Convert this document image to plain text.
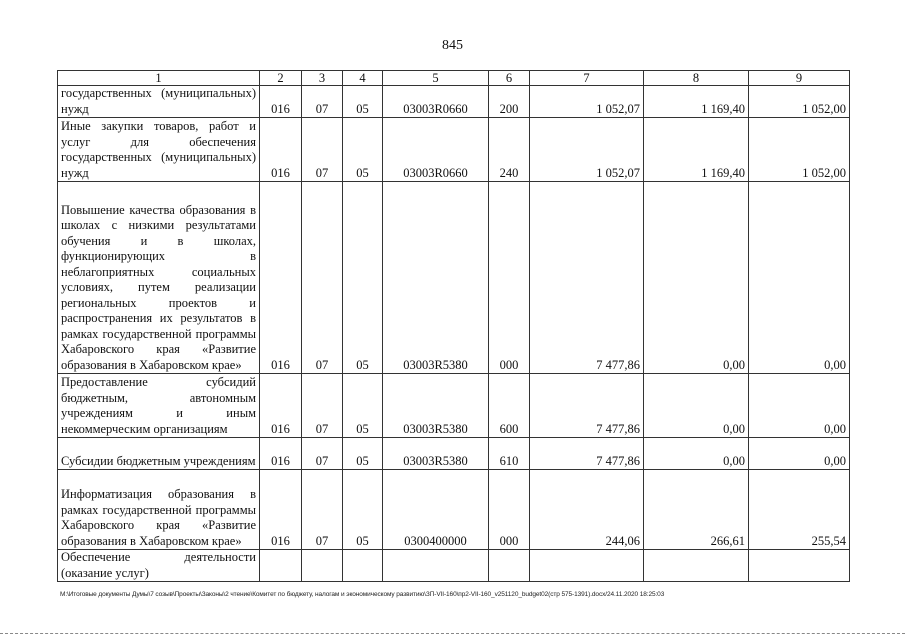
845
1	2	3	4	5	6	7	8	9

государственных (муниципальных) нужд	016	07	05	03003R0660	200	1 052,07	1 169,40	1 052,00

Иные закупки товаров, работ и услуг для обеспечения государственных (муниципальных) нужд	016	07	05	03003R0660	240	1 052,07	1 169,40	1 052,00

Повышение качества образования в школах с низкими результатами обучения и в школах, функционирующих в неблагоприятных социальных условиях, путем реализации региональных проектов и распространения их результатов в рамках государственной программы Хабаровского края «Развитие образования в Хабаровском крае»	016	07	05	03003R5380	000	7 477,86	0,00	0,00

Предоставление субсидий бюджетным, автономным учреждениям и иным некоммерческим организациям	016	07	05	03003R5380	600	7 477,86	0,00	0,00

Субсидии бюджетным учреждениям	016	07	05	03003R5380	610	7 477,86	0,00	0,00

Информатизация образования в рамках государственной программы Хабаровского края «Развитие образования в Хабаровском крае»	016	07	05	0300400000	000	244,06	266,61	255,54

Обеспечение деятельности (оказание услуг)								

M:\Итоговые документы Думы\7 созыв\Проекты\Законы\2 чтение\Комитет по бюджету, налогам и экономическому развитию\ЗП-VII-160\пр2-VII-160_v251120_budget02(стр 575-1391).docx/24.11.2020 18:25:03
